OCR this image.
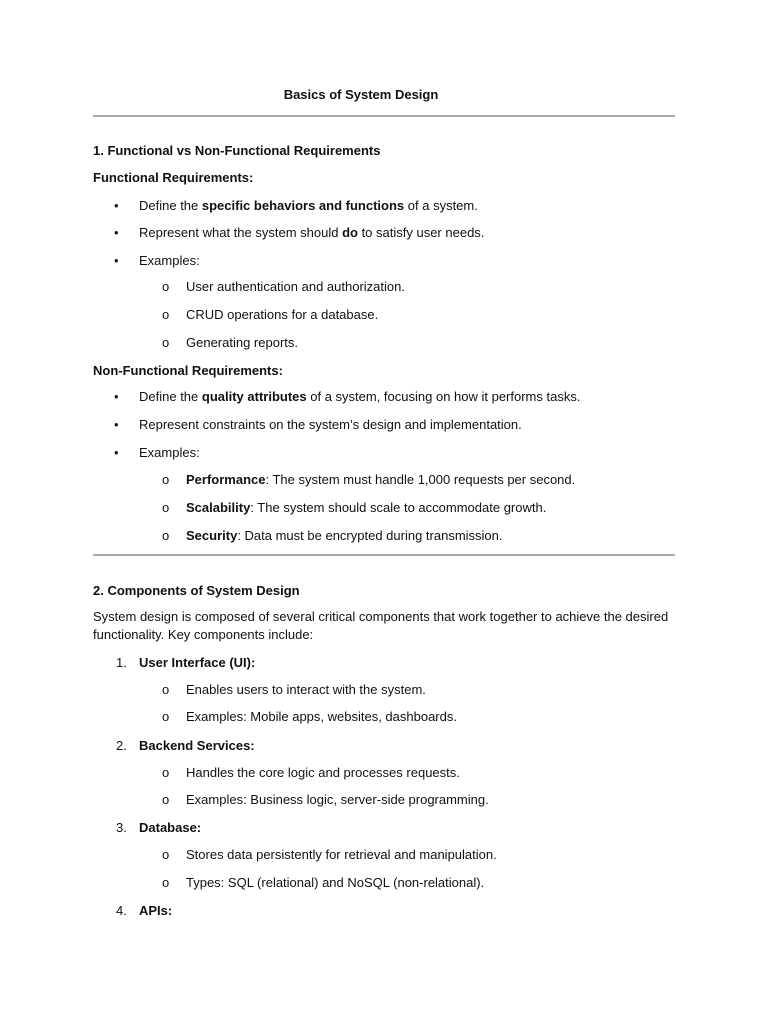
Basics of System Design
1. Functional vs Non-Functional Requirements
Functional Requirements:
• Define the specific behaviors and functions of a system.
• Represent what the system should do to satisfy user needs.
• Examples:
o User authentication and authorization.
o CRUD operations for a database.
o Generating reports.
Non-Functional Requirements:
• Define the quality attributes of a system, focusing on how it performs tasks.
• Represent constraints on the system’s design and implementation.
• Examples:
o Performance: The system must handle 1,000 requests per second.
o Scalability: The system should scale to accommodate growth.
o Security: Data must be encrypted during transmission.
2. Components of System Design
System design is composed of several critical components that work together to achieve the desired
functionality. Key components include:
1. User Interface (UI):
o Enables users to interact with the system.
o Examples: Mobile apps, websites, dashboards.
2. Backend Services:
o Handles the core logic and processes requests.
o Examples: Business logic, server-side programming.
3. Database:
o Stores data persistently for retrieval and manipulation.
o Types: SQL (relational) and NoSQL (non-relational).
4. APIs:
